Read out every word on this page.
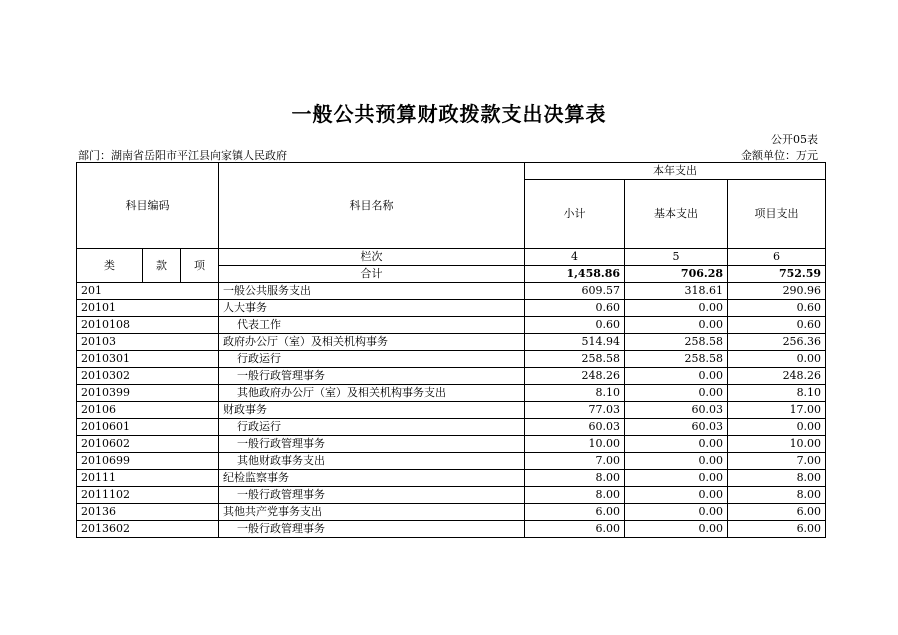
一般公共预算财政拨款支出决算表
公开05表
部门：湖南省岳阳市平江县向家镇人民政府	金额单位：万元
科目编码			科目名称	本年支出		
				小计	基本支出	项目支出
类	款	项	栏次	4	5	6
			合计	1,458.86	706.28	752.59
201			一般公共服务支出	609.57	318.61	290.96
20101			人大事务	0.60	0.00	0.60
2010108			代表工作	0.60	0.00	0.60
20103			政府办公厅（室）及相关机构事务	514.94	258.58	256.36
2010301			行政运行	258.58	258.58	0.00
2010302			一般行政管理事务	248.26	0.00	248.26
2010399			其他政府办公厅（室）及相关机构事务支出	8.10	0.00	8.10
20106			财政事务	77.03	60.03	17.00
2010601			行政运行	60.03	60.03	0.00
2010602			一般行政管理事务	10.00	0.00	10.00
2010699			其他财政事务支出	7.00	0.00	7.00
20111			纪检监察事务	8.00	0.00	8.00
2011102			一般行政管理事务	8.00	0.00	8.00
20136			其他共产党事务支出	6.00	0.00	6.00
2013602			一般行政管理事务	6.00	0.00	6.00
